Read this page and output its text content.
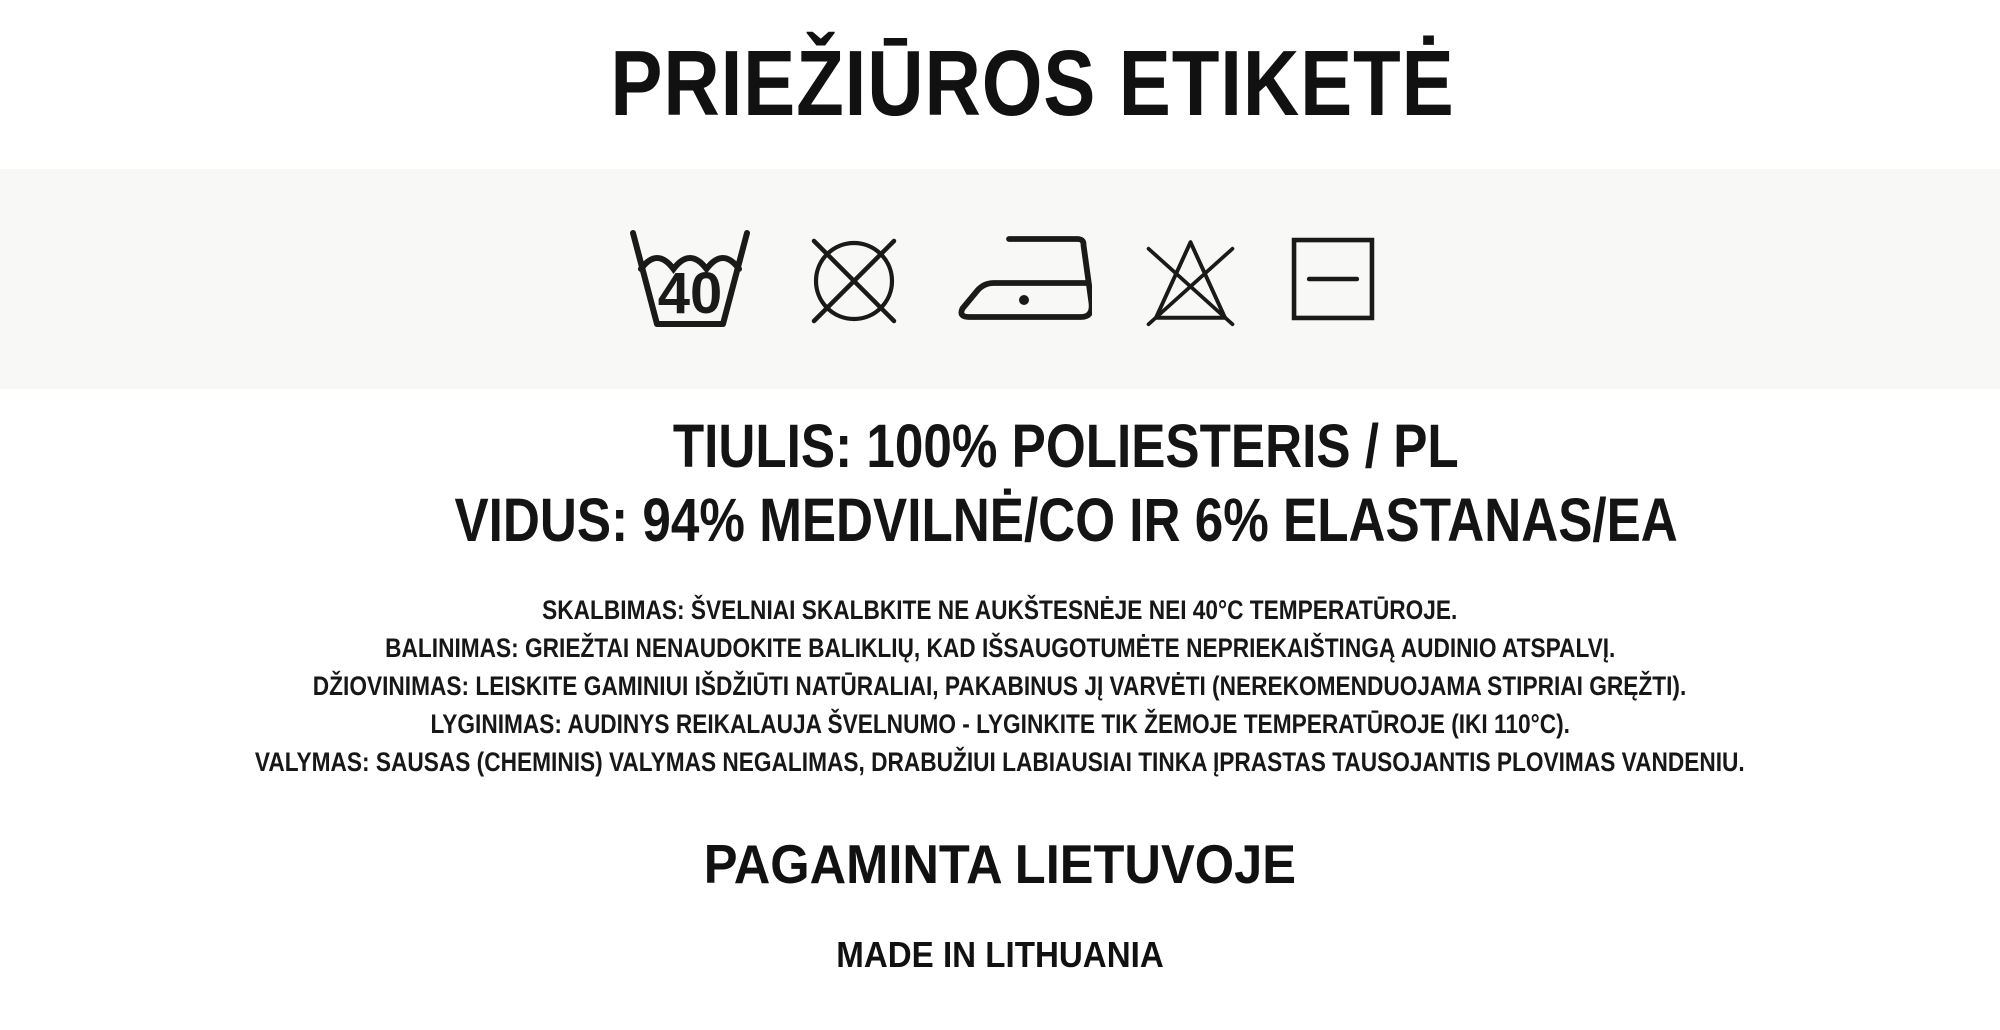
PRIEŽIŪROS ETIKETĖ
40
TIULIS: 100% POLIESTERIS / PL
VIDUS: 94% MEDVILNĖ/CO IR 6% ELASTANAS/EA
SKALBIMAS: ŠVELNIAI SKALBKITE NE AUKŠTESNĖJE NEI 40°C TEMPERATŪROJE.
BALINIMAS: GRIEŽTAI NENAUDOKITE BALIKLIŲ, KAD IŠSAUGOTUMĖTE NEPRIEKAIŠTINGĄ AUDINIO ATSPALVĮ.
DŽIOVINIMAS: LEISKITE GAMINIUI IŠDŽIŪTI NATŪRALIAI, PAKABINUS JĮ VARVĖTI (NEREKOMENDUOJAMA STIPRIAI GRĘŽTI).
LYGINIMAS: AUDINYS REIKALAUJA ŠVELNUMO - LYGINKITE TIK ŽEMOJE TEMPERATŪROJE (IKI 110°C).
VALYMAS: SAUSAS (CHEMINIS) VALYMAS NEGALIMAS, DRABUŽIUI LABIAUSIAI TINKA ĮPRASTAS TAUSOJANTIS PLOVIMAS VANDENIU.
PAGAMINTA LIETUVOJE
MADE IN LITHUANIA
